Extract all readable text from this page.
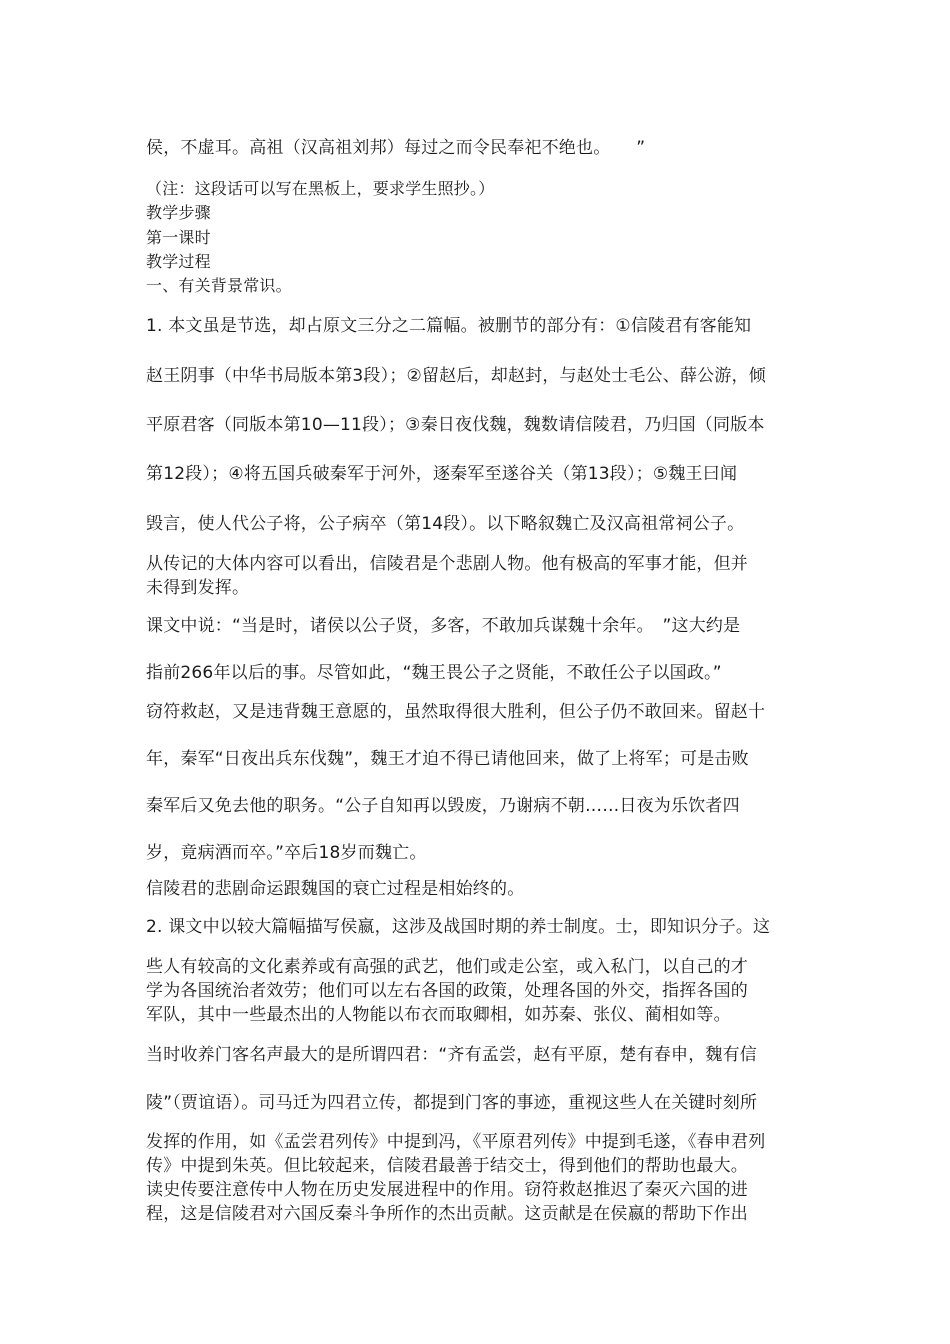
侯，不虚耳。高祖（汉高祖刘邦）每过之而令民奉祀不绝也。　　”
（注：这段话可以写在黑板上，要求学生照抄。）
教学步骤
第一课时
教学过程
一、有关背景常识。
1. 本文虽是节选，却占原文三分之二篇幅。被删节的部分有：①信陵君有客能知
赵王阴事（中华书局版本第3段）；②留赵后，却赵封，与赵处士毛公、薛公游，倾
平原君客（同版本第10—11段）；③秦日夜伐魏，魏数请信陵君，乃归国（同版本
第12段）；④将五国兵破秦军于河外，逐秦军至遂谷关（第13段）；⑤魏王曰闻
毁言，使人代公子将，公子病卒（第14段）。以下略叙魏亡及汉高祖常祠公子。
从传记的大体内容可以看出，信陵君是个悲剧人物。他有极高的军事才能，但并
未得到发挥。
课文中说：“当是时，诸侯以公子贤，多客，不敢加兵谋魏十余年。　”这大约是
指前266年以后的事。尽管如此，“魏王畏公子之贤能，不敢任公子以国政。”
窃符救赵，又是违背魏王意愿的，虽然取得很大胜利，但公子仍不敢回来。留赵十
年，秦军“日夜出兵东伐魏”，魏王才迫不得已请他回来，做了上将军；可是击败
秦军后又免去他的职务。“公子自知再以毁废，乃谢病不朝……日夜为乐饮者四
岁，竟病酒而卒。”卒后18岁而魏亡。
信陵君的悲剧命运跟魏国的衰亡过程是相始终的。
2. 课文中以较大篇幅描写侯嬴，这涉及战国时期的养士制度。士，即知识分子。这
些人有较高的文化素养或有高强的武艺，他们或走公室，或入私门，以自己的才
学为各国统治者效劳；他们可以左右各国的政策，处理各国的外交，指挥各国的
军队，其中一些最杰出的人物能以布衣而取卿相，如苏秦、张仪、蔺相如等。
当时收养门客名声最大的是所谓四君：“齐有孟尝，赵有平原，楚有春申，魏有信
陵”（贾谊语）。司马迁为四君立传，都提到门客的事迹，重视这些人在关键时刻所
发挥的作用，如《孟尝君列传》中提到冯，《平原君列传》中提到毛遂，《春申君列
传》中提到朱英。但比较起来，信陵君最善于结交士，得到他们的帮助也最大。
读史传要注意传中人物在历史发展进程中的作用。窃符救赵推迟了秦灭六国的进
程，这是信陵君对六国反秦斗争所作的杰出贡献。这贡献是在侯嬴的帮助下作出
